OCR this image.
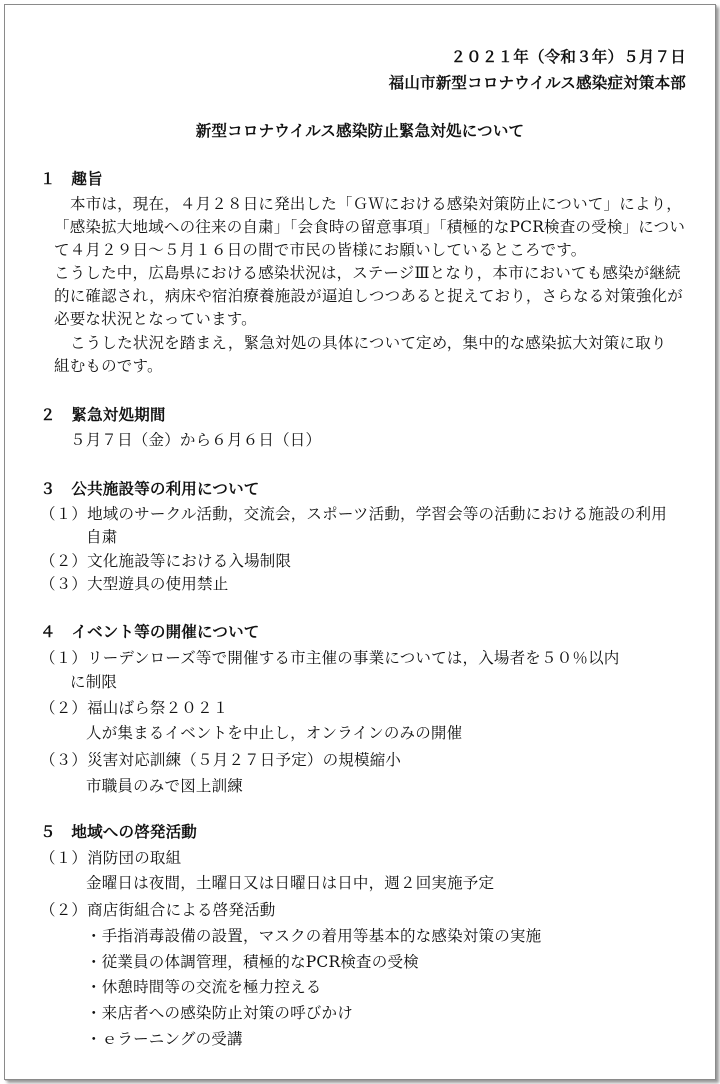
２０２１年（令和３年）５月７日
福山市新型コロナウイルス感染症対策本部
新型コロナウイルス感染防止緊急対処について
１　趣旨
本市は，現在，４月２８日に発出した「ＧＷにおける感染対策防止について」により，
「感染拡大地域への往来の自粛」「会食時の留意事項」「積極的なPCR検査の受検」につい
て４月２９日～５月１６日の間で市民の皆様にお願いしているところです。
こうした中，広島県における感染状況は，ステージⅢとなり，本市においても感染が継続
的に確認され，病床や宿泊療養施設が逼迫しつつあると捉えており，さらなる対策強化が
必要な状況となっています。
こうした状況を踏まえ，緊急対処の具体について定め，集中的な感染拡大対策に取り
組むものです。
２　緊急対処期間
５月７日（金）から６月６日（日）
３　公共施設等の利用について
（１）地域のサークル活動，交流会，スポーツ活動，学習会等の活動における施設の利用
自粛
（２）文化施設等における入場制限
（３）大型遊具の使用禁止
４　イベント等の開催について
（１）リーデンローズ等で開催する市主催の事業については，入場者を５０％以内
に制限
（２）福山ばら祭２０２１
人が集まるイベントを中止し，オンラインのみの開催
（３）災害対応訓練（５月２７日予定）の規模縮小
市職員のみで図上訓練
５　地域への啓発活動
（１）消防団の取組
金曜日は夜間，土曜日又は日曜日は日中，週２回実施予定
（２）商店街組合による啓発活動
・手指消毒設備の設置，マスクの着用等基本的な感染対策の実施
・従業員の体調管理，積極的なPCR検査の受検
・休憩時間等の交流を極力控える
・来店者への感染防止対策の呼びかけ
・ｅラーニングの受講
